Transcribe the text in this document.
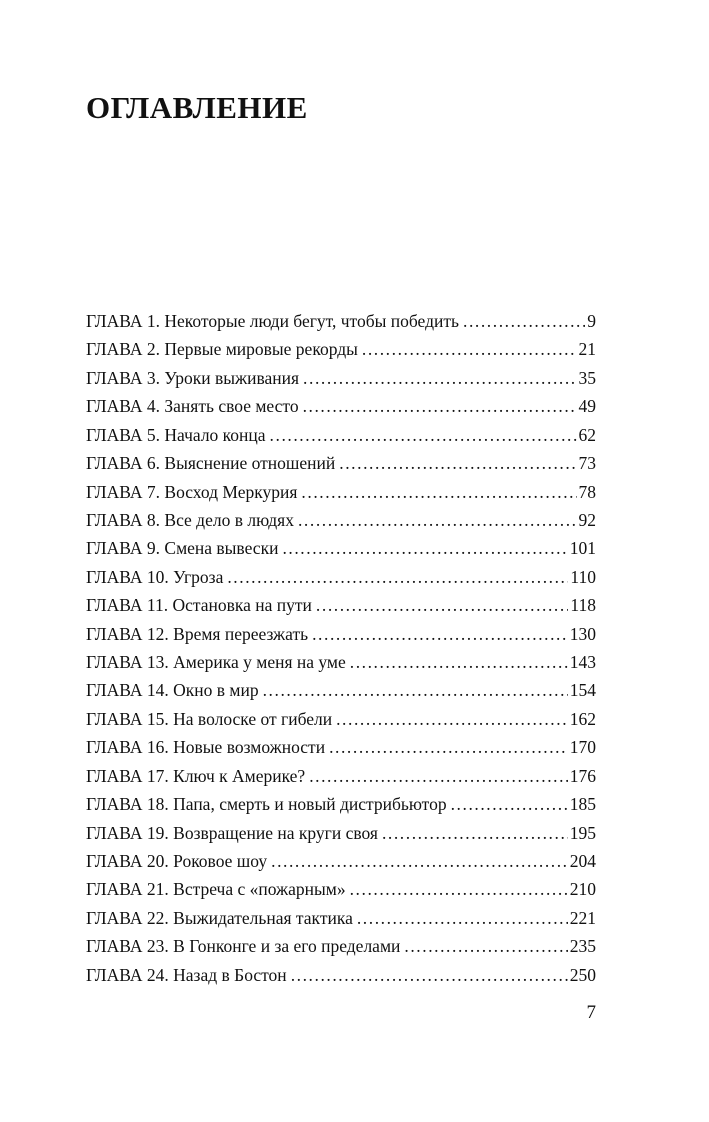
ОГЛАВЛЕНИЕ
ГЛАВА 1. Некоторые люди бегут, чтобы победить . . .	9
ГЛАВА 2. Первые мировые рекорды . . .	21
ГЛАВА 3. Уроки выживания . . .	35
ГЛАВА 4. Занять свое место . . .	49
ГЛАВА 5. Начало конца . . .	62
ГЛАВА 6. Выяснение отношений . . .	73
ГЛАВА 7. Восход Меркурия . . .	78
ГЛАВА 8. Все дело в людях . . .	92
ГЛАВА 9. Смена вывески . . .	101
ГЛАВА 10. Угроза . . .	110
ГЛАВА 11. Остановка на пути . . .	118
ГЛАВА 12. Время переезжать . . .	130
ГЛАВА 13. Америка у меня на уме . . .	143
ГЛАВА 14. Окно в мир . . .	154
ГЛАВА 15. На волоске от гибели . . .	162
ГЛАВА 16. Новые возможности . . .	170
ГЛАВА 17. Ключ к Америке? . . .	176
ГЛАВА 18. Папа, смерть и новый дистрибьютор . . .	185
ГЛАВА 19. Возвращение на круги своя . . .	195
ГЛАВА 20. Роковое шоу . . .	204
ГЛАВА 21. Встреча с «пожарным» . . .	210
ГЛАВА 22. Выжидательная тактика . . .	221
ГЛАВА 23. В Гонконге и за его пределами . . .	235
ГЛАВА 24. Назад в Бостон . . .	250
7
